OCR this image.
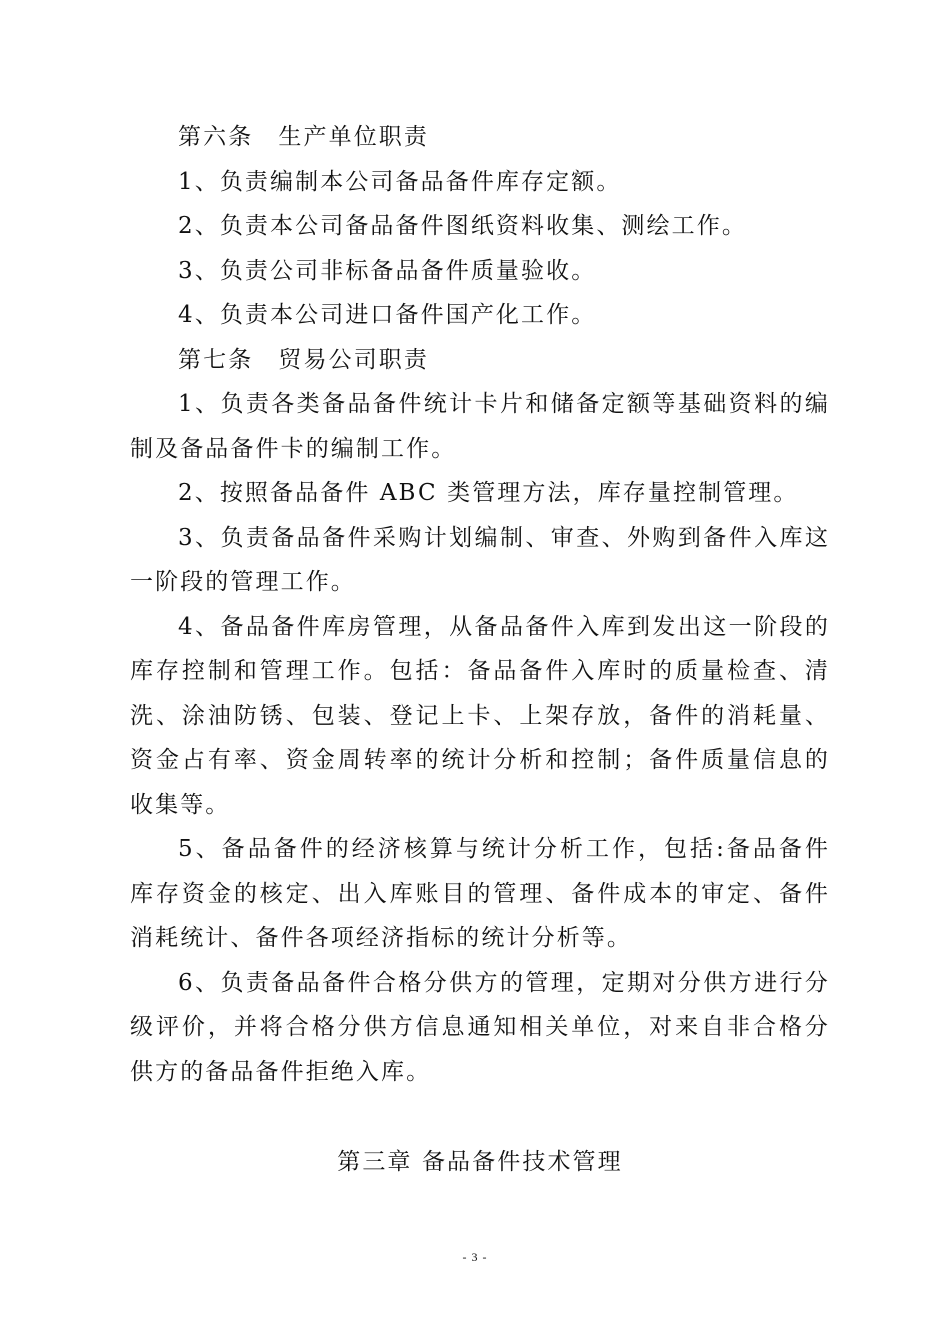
第六条　生产单位职责

1、负责编制本公司备品备件库存定额。

2、负责本公司备品备件图纸资料收集、测绘工作。

3、负责公司非标备品备件质量验收。

4、负责本公司进口备件国产化工作。

第七条　贸易公司职责

1、负责各类备品备件统计卡片和储备定额等基础资料的编制及备品备件卡的编制工作。

2、按照备品备件 ABC 类管理方法，库存量控制管理。

3、负责备品备件采购计划编制、审查、外购到备件入库这一阶段的管理工作。

4、备品备件库房管理，从备品备件入库到发出这一阶段的库存控制和管理工作。包括：备品备件入库时的质量检查、清洗、涂油防锈、包装、登记上卡、上架存放，备件的消耗量、资金占有率、资金周转率的统计分析和控制；备件质量信息的收集等。

5、备品备件的经济核算与统计分析工作，包括:备品备件库存资金的核定、出入库账目的管理、备件成本的审定、备件消耗统计、备件各项经济指标的统计分析等。

6、负责备品备件合格分供方的管理，定期对分供方进行分级评价，并将合格分供方信息通知相关单位，对来自非合格分供方的备品备件拒绝入库。

第三章 备品备件技术管理

- 3 -
